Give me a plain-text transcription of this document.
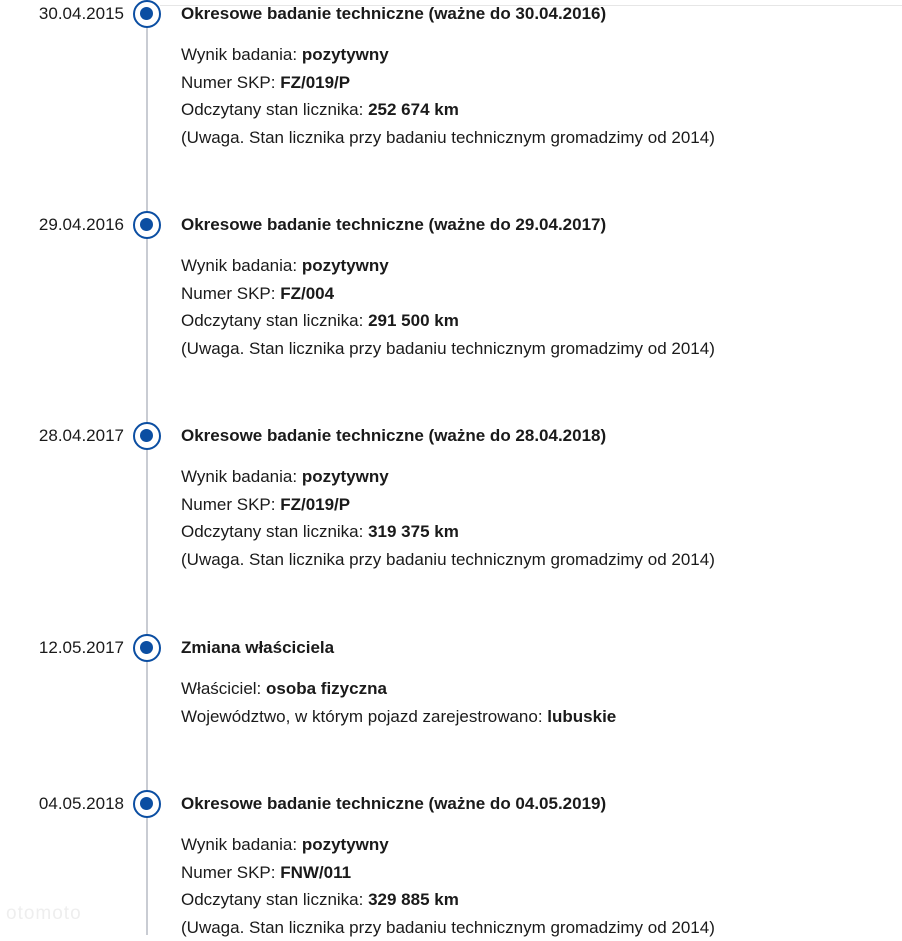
30.04.2015	Okresowe badanie techniczne (ważne do 30.04.2016)
Wynik badania: pozytywny
Numer SKP: FZ/019/P
Odczytany stan licznika: 252 674 km
(Uwaga. Stan licznika przy badaniu technicznym gromadzimy od 2014)
29.04.2016	Okresowe badanie techniczne (ważne do 29.04.2017)
Wynik badania: pozytywny
Numer SKP: FZ/004
Odczytany stan licznika: 291 500 km
(Uwaga. Stan licznika przy badaniu technicznym gromadzimy od 2014)
28.04.2017	Okresowe badanie techniczne (ważne do 28.04.2018)
Wynik badania: pozytywny
Numer SKP: FZ/019/P
Odczytany stan licznika: 319 375 km
(Uwaga. Stan licznika przy badaniu technicznym gromadzimy od 2014)
12.05.2017	Zmiana właściciela
Właściciel: osoba fizyczna
Województwo, w którym pojazd zarejestrowano: lubuskie
04.05.2018	Okresowe badanie techniczne (ważne do 04.05.2019)
Wynik badania: pozytywny
Numer SKP: FNW/011
Odczytany stan licznika: 329 885 km
(Uwaga. Stan licznika przy badaniu technicznym gromadzimy od 2014)
otomoto
